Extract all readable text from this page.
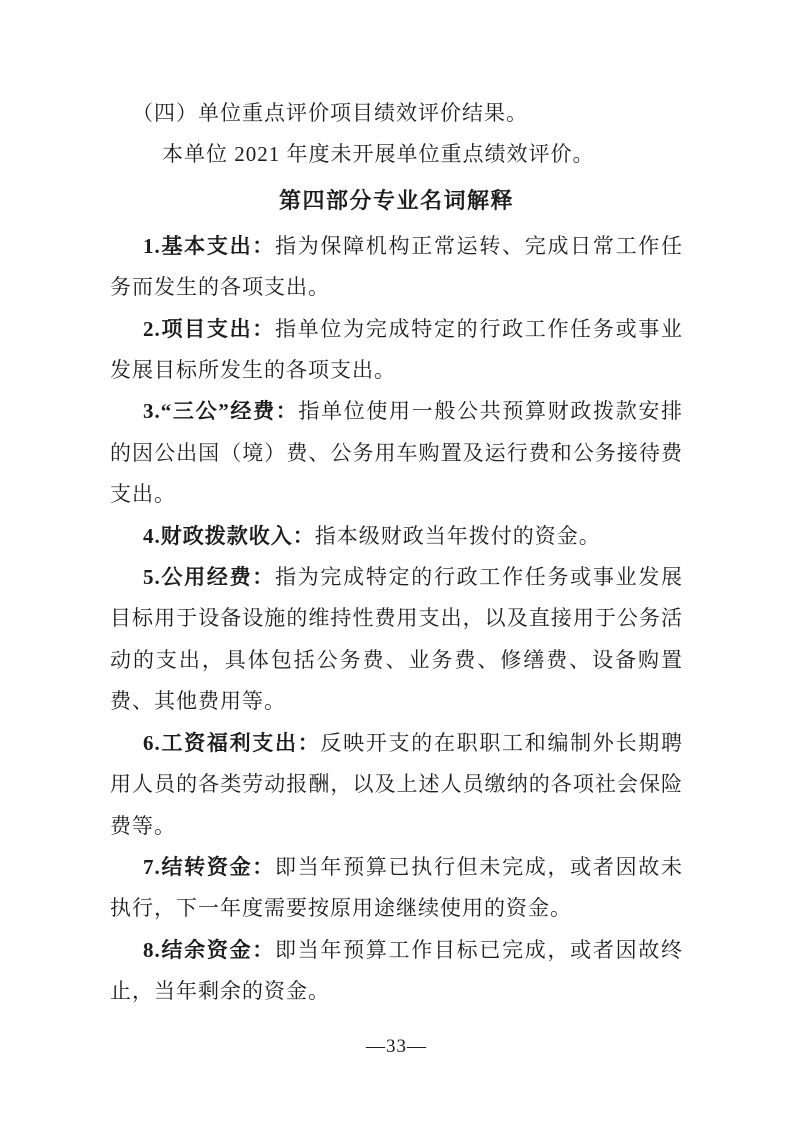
（四）单位重点评价项目绩效评价结果。

本单位 2021 年度未开展单位重点绩效评价。

第四部分专业名词解释

1.基本支出：指为保障机构正常运转、完成日常工作任务而发生的各项支出。

2.项目支出：指单位为完成特定的行政工作任务或事业发展目标所发生的各项支出。

3.“三公”经费：指单位使用一般公共预算财政拨款安排的因公出国（境）费、公务用车购置及运行费和公务接待费支出。

4.财政拨款收入：指本级财政当年拨付的资金。

5.公用经费：指为完成特定的行政工作任务或事业发展目标用于设备设施的维持性费用支出，以及直接用于公务活动的支出，具体包括公务费、业务费、修缮费、设备购置费、其他费用等。

6.工资福利支出：反映开支的在职职工和编制外长期聘用人员的各类劳动报酬，以及上述人员缴纳的各项社会保险费等。

7.结转资金：即当年预算已执行但未完成，或者因故未执行，下一年度需要按原用途继续使用的资金。

8.结余资金：即当年预算工作目标已完成，或者因故终止，当年剩余的资金。

—33—
